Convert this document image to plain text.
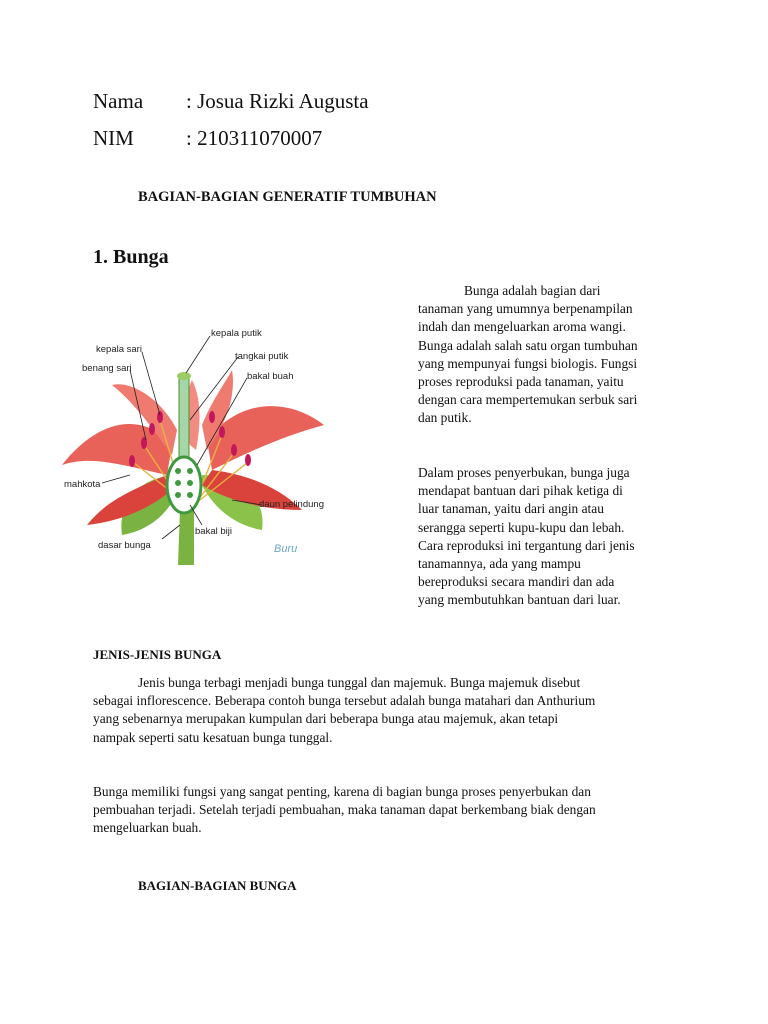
Nama : Josua Rizki Augusta
NIM : 210311070007
BAGIAN-BAGIAN GENERATIF TUMBUHAN
1. Bunga
Bunga adalah bagian dari
tanaman yang umumnya berpenampilan
indah dan mengeluarkan aroma wangi.
Bunga adalah salah satu organ tumbuhan
yang mempunyai fungsi biologis. Fungsi
proses reproduksi pada tanaman, yaitu
dengan cara mempertemukan serbuk sari
dan putik.
Dalam proses penyerbukan, bunga juga
mendapat bantuan dari pihak ketiga di
luar tanaman, yaitu dari angin atau
serangga seperti kupu-kupu dan lebah.
Cara reproduksi ini tergantung dari jenis
tanamannya, ada yang mampu
bereproduksi secara mandiri dan ada
yang membutuhkan bantuan dari luar.
kepala putik
kepala sari
tangkai putik
benang sari
bakal buah
mahkota
daun pelindung
bakal biji
dasar bunga	Buru
JENIS-JENIS BUNGA
Jenis bunga terbagi menjadi bunga tunggal dan majemuk. Bunga majemuk disebut
sebagai inflorescence. Beberapa contoh bunga tersebut adalah bunga matahari dan Anthurium
yang sebenarnya merupakan kumpulan dari beberapa bunga atau majemuk, akan tetapi
nampak seperti satu kesatuan bunga tunggal.
Bunga memiliki fungsi yang sangat penting, karena di bagian bunga proses penyerbukan dan
pembuahan terjadi. Setelah terjadi pembuahan, maka tanaman dapat berkembang biak dengan
mengeluarkan buah.
BAGIAN-BAGIAN BUNGA
